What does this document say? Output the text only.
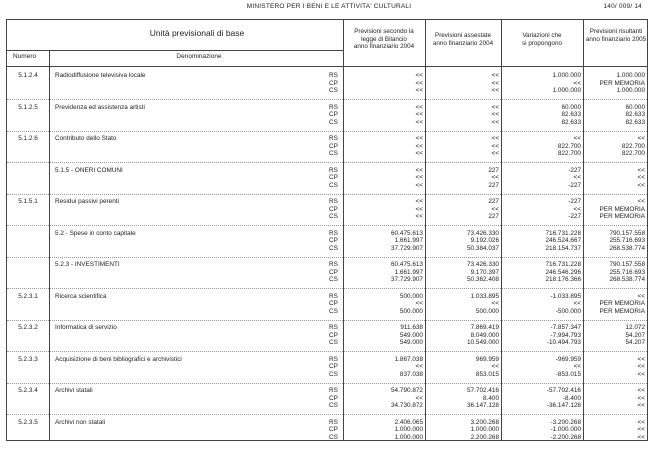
MINISTERO PER I BENI E LE ATTIVITA' CULTURALI	140/ 009/ 14
Unità previsionali di base
Numero	Denominazione
Previsioni secondo la
legge di Bilancio
anno finanziario 2004
Previsioni assestate
anno finanziario 2004
Variazioni che
si propongono
Previsioni risultanti
anno finanziario 2005
5.1.2.4	Radiodiffusione televisiva locale	RS	<<	<<	1.000.000	1.000.000
CP	<<	<<	<<	PER MEMORIA
CS	<<	<<	1.000.000	1.000.000
5.1.2.5	Previdenza ed assistenza artisti	RS	<<	<<	60.000	60.000
CP	<<	<<	82.633	82.633
CS	<<	<<	82.633	82.633
5.1.2.6	Contributo dello Stato	RS	<<	<<	<<	<<
CP	<<	<<	822.700	822.700
CS	<<	<<	822.700	822.700
5.1.5 - ONERI COMUNI	RS	<<	227	-227	<<
CP	<<	<<	<<	<<
CS	<<	227	-227	<<
5.1.5.1	Residui passivi perenti	RS	<<	227	-227	<<
CP	<<	<<	<<	PER MEMORIA
CS	<<	227	-227	PER MEMORIA
5.2 - Spese in conto capitale	RS	60.475.613	73.426.330	716.731.228	790.157.558
CP	1.661.997	9.192.026	246.524.667	255.716.693
CS	37.729.907	50.384.037	218.154.737	268.538.774
5.2.3 - INVESTIMENTI	RS	60.475.613	73.426.330	716.731.228	790.157.558
CP	1.661.997	9.170.397	246.546.296	255.716.693
CS	37.729.907	50.362.408	218.176.366	268.538.774
5.2.3.1	Ricerca scientifica	RS	500.000	1.033.895	-1.033.895	<<
CP	<<	<<	<<	PER MEMORIA
CS	500.000	500.000	-500.000	PER MEMORIA
5.2.3.2	Informatica di servizio	RS	911.638	7.869.419	-7.857.347	12.072
CP	549.000	8.049.000	-7.994.793	54.207
CS	549.000	10.549.000	-10.494.793	54.207
5.2.3.3	Acquisizione di beni bibliografici e archivistici	RS	1.867.038	969.959	-969.959	<<
CP	<<	<<	<<	<<
CS	837.038	853.015	-853.015	<<
5.2.3.4	Archivi statali	RS	54.790.872	57.702.416	-57.702.416	<<
CP	<<	8.400	-8.400	<<
CS	34.730.872	36.147.128	-36.147.128	<<
5.2.3.5	Archivi non statali	RS	2.406.065	3.200.268	-3.200.268	<<
CP	1.000.000	1.000.000	-1.000.000	<<
CS	1.000.000	2.200.268	-2.200.268	<<
